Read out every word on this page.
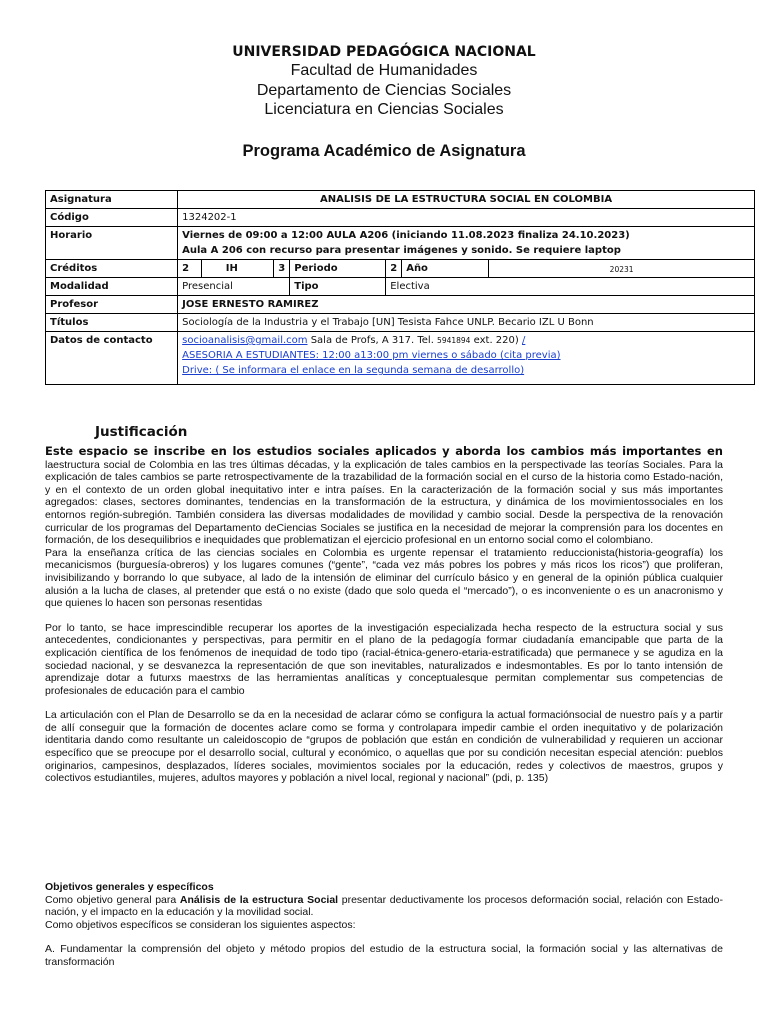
UNIVERSIDAD PEDAGÓGICA NACIONAL
Facultad de Humanidades
Departamento de Ciencias Sociales
Licenciatura en Ciencias Sociales
Programa Académico de Asignatura
Asignatura	ANALISIS DE LA ESTRUCTURA SOCIAL EN COLOMBIA					
Código	1324202-1					
Horario	Viernes de 09:00 a 12:00 AULA A206 (iniciando 11.08.2023 finaliza 24.10.2023)
Aula A 206 con recurso para presentar imágenes y sonido. Se requiere laptop					

Créditos	2	IH	3	Periodo	2	Año 20231

Modalidad	Presencial			Tipo	Electiva	
Profesor	JOSE ERNESTO RAMIREZ					
Títulos	Sociología de la Industria y el Trabajo [UN] Tesista Fahce UNLP. Becario IZL U Bonn					
Datos de contacto	socioanalisis@gmail.com Sala de Profs, A 317. Tel. 5941894 ext. 220) /
ASESORIA A ESTUDIANTES: 12:00 a13:00 pm viernes o sábado (cita previa)
Drive: ( Se informara el enlace en la segunda semana de desarrollo)					
Justificación

Este espacio se inscribe en los estudios sociales aplicados y aborda los cambios más importantes en laestructura social de Colombia en las tres últimas décadas, y la explicación de tales cambios en la perspectivade las teorías Sociales. Para la explicación de tales cambios se parte retrospectivamente de la trazabilidad de la formación social en el curso de la historia como Estado-nación, y en el contexto de un orden global inequitativo inter e intra países. En la caracterización de la formación social y sus más importantes agregados: clases, sectores dominantes, tendencias en la transformación de la estructura, y dinámica de los movimientossociales en los entornos región-subregión. También considera las diversas modalidades de movilidad y cambio social. Desde la perspectiva de la renovación curricular de los programas del Departamento deCiencias Sociales se justifica en la necesidad de mejorar la comprensión para los docentes en formación, de los desequilibrios e inequidades que problematizan el ejercicio profesional en un entorno social como el colombiano.

Para la enseñanza crítica de las ciencias sociales en Colombia es urgente repensar el tratamiento reduccionista(historia-geografía) los mecanicismos (burguesía-obreros) y los lugares comunes (“gente”, “cada vez más pobres los pobres y más ricos los ricos”) que proliferan, invisibilizando y borrando lo que subyace, al lado de la intensión de eliminar del currículo básico y en general de la opinión pública cualquier alusión a la lucha de clases, al pretender que está o no existe (dado que solo queda el “mercado”), o es inconveniente o es un anacronismo y que quienes lo hacen son personas resentidas

Por lo tanto, se hace imprescindible recuperar los aportes de la investigación especializada hecha respecto de la estructura social y sus antecedentes, condicionantes y perspectivas, para permitir en el plano de la pedagogía formar ciudadanía emancipable que parta de la explicación científica de los fenómenos de inequidad de todo tipo (racial-étnica-genero-etaria-estratificada) que permanece y se agudiza en la sociedad nacional, y se desvanezca la representación de que son inevitables, naturalizados e indesmontables. Es por lo tanto intensión de aprendizaje dotar a futurxs maestrxs de las herramientas analíticas y conceptualesque permitan complementar sus competencias de profesionales de educación para el cambio

La articulación con el Plan de Desarrollo se da en la necesidad de aclarar cómo se configura la actual formaciónsocial de nuestro país y a partir de allí conseguir que la formación de docentes aclare como se forma y controlapara impedir cambie el orden inequitativo y de polarización identitaria dando como resultante un caleidoscopio de “grupos de población que están en condición de vulnerabilidad y requieren un accionar específico que se preocupe por el desarrollo social, cultural y económico, o aquellas que por su condición necesitan especial atención: pueblos originarios, campesinos, desplazados, líderes sociales, movimientos sociales por la educación, redes y colectivos de maestros, grupos y colectivos estudiantiles, mujeres, adultos mayores y población a nivel local, regional y nacional” (pdi, p. 135)

Objetivos generales y específicos

Como objetivo general para Análisis de la estructura Social presentar deductivamente los procesos deformación social, relación con Estado-nación, y el impacto en la educación y la movilidad social.

Como objetivos específicos se consideran los siguientes aspectos:

A. Fundamentar la comprensión del objeto y método propios del estudio de la estructura social, la formación social y las alternativas de transformación
